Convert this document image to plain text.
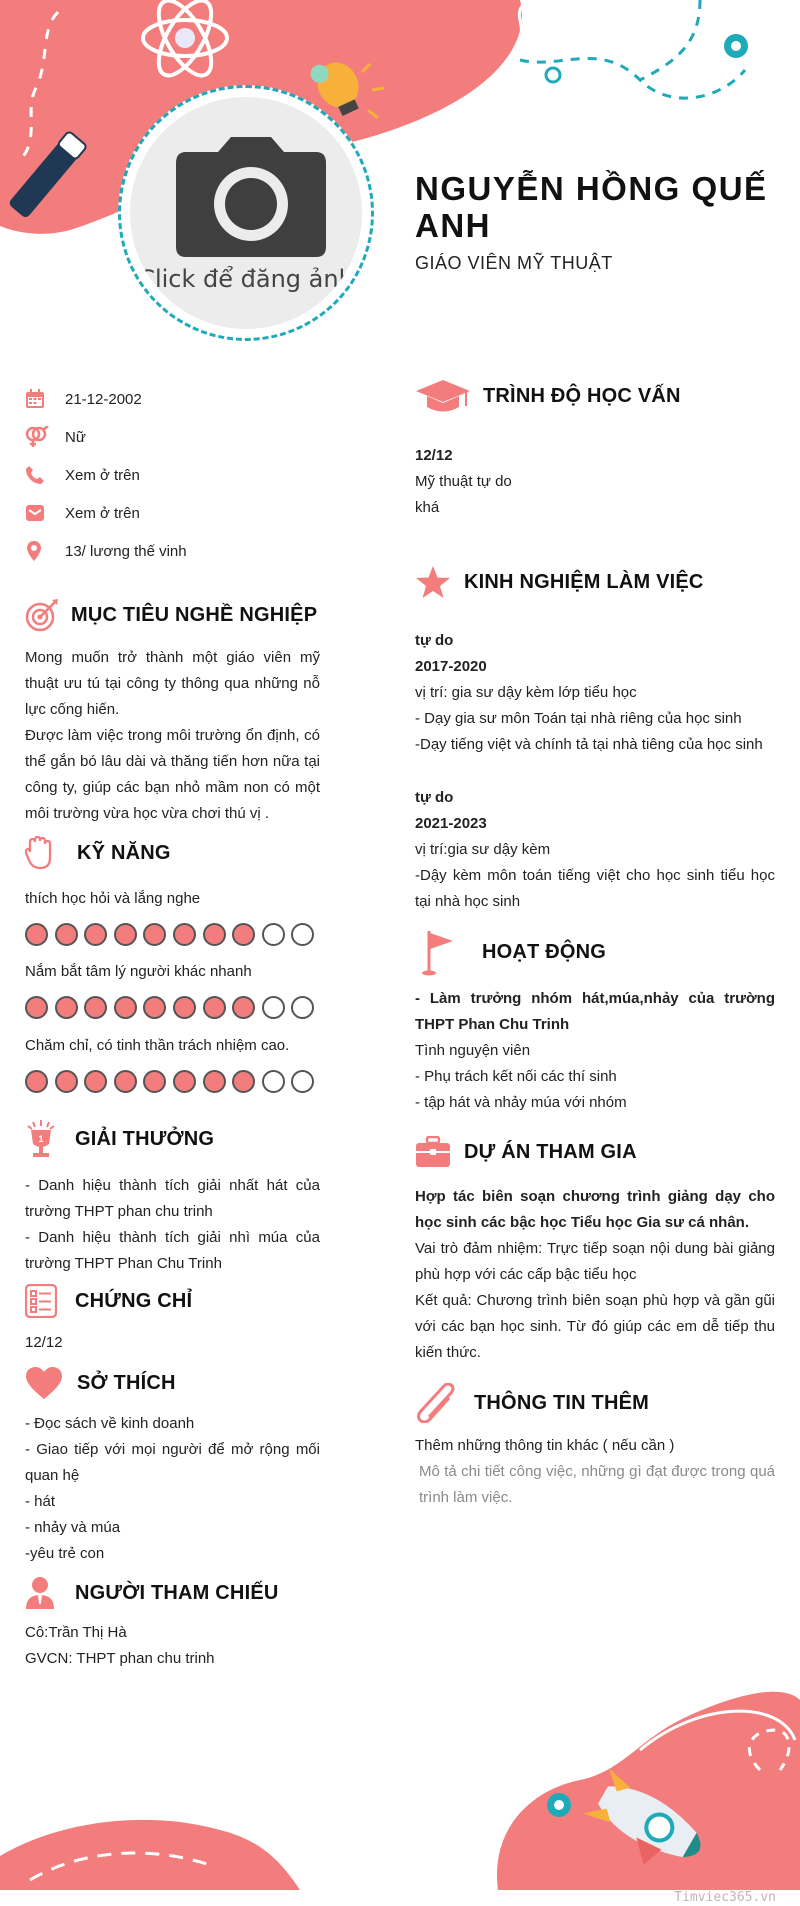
Click để đăng ảnh
NGUYỄN HỒNG QUẾ ANH
GIÁO VIÊN MỸ THUẬT
21-12-2002
Nữ
Xem ở trên
Xem ở trên
13/ lương thế vinh
MỤC TIÊU NGHỀ NGHIỆP
Mong muốn trở thành một giáo viên mỹ thuật ưu tú tại công ty thông qua những nỗ lực cống hiến.
Được làm việc trong môi trường ổn định, có thể gắn bó lâu dài và thăng tiến hơn nữa tại công ty, giúp các bạn nhỏ mầm non có một môi trường vừa học vừa chơi thú vị .
KỸ NĂNG
thích học hỏi và lắng nghe
Nắm bắt tâm lý người khác nhanh
Chăm chỉ, có tinh thần trách nhiệm cao.
1 GIẢI THƯỞNG
- Danh hiệu thành tích giải nhất hát của trường THPT phan chu trinh
- Danh hiệu thành tích giải nhì múa của trường THPT Phan Chu Trinh
CHỨNG CHỈ
12/12
SỞ THÍCH
- Đọc sách về kinh doanh
- Giao tiếp với mọi người để mở rộng mối quan hệ
- hát
- nhảy và múa
-yêu trẻ con
NGƯỜI THAM CHIẾU
Cô:Trần Thị Hà
GVCN: THPT phan chu trinh
TRÌNH ĐỘ HỌC VẤN
12/12
Mỹ thuật tự do
khá
KINH NGHIỆM LÀM VIỆC
tự do
2017-2020
vị trí: gia sư dậy kèm lớp tiểu học
- Dạy gia sư môn Toán tại nhà riêng của học sinh
-Dạy tiếng việt và chính tả tại nhà tiêng của học sinh
tự do
2021-2023
vị trí:gia sư dậy kèm
-Dậy kèm môn toán tiếng việt cho học sinh tiểu học tại nhà học sinh
HOẠT ĐỘNG
- Làm trưởng nhóm hát,múa,nhảy của trường THPT Phan Chu Trinh
Tình nguyện viên
- Phụ trách kết nối các thí sinh
- tập hát và nhảy múa với nhóm
DỰ ÁN THAM GIA
Hợp tác biên soạn chương trình giảng dạy cho học sinh các bậc học Tiểu học Gia sư cá nhân.
Vai trò đảm nhiệm: Trực tiếp soạn nội dung bài giảng phù hợp với các cấp bậc tiểu học
Kết quả: Chương trình biên soạn phù hợp và gần gũi với các bạn học sinh. Từ đó giúp các em dễ tiếp thu kiến thức.
THÔNG TIN THÊM
Thêm những thông tin khác ( nếu cần )
Mô tả chi tiết công việc, những gì đạt được trong quá trình làm việc.
Timviec365.vn
